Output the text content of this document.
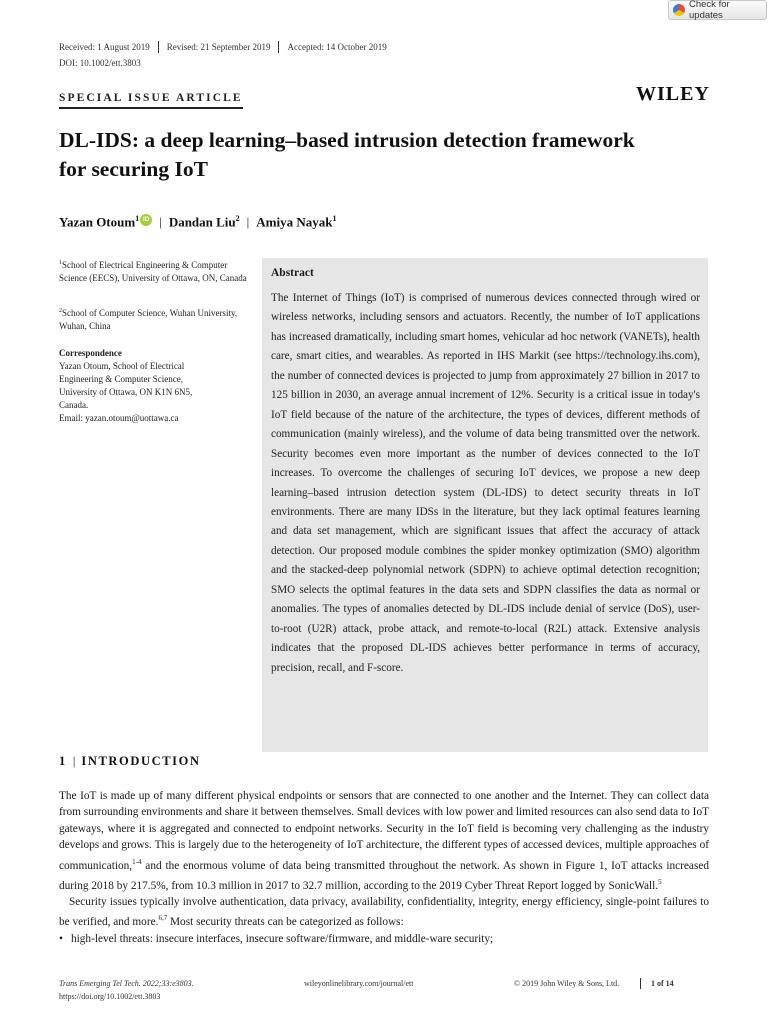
Check for updates
Received: 1 August 2019 Revised: 21 September 2019 Accepted: 14 October 2019
DOI: 10.1002/ett.3803
SPECIAL ISSUE ARTICLE	WILEY
DL-IDS: a deep learning–based intrusion detection framework for securing IoT
Yazan Otoum$^1$ iD | Dandan Liu$^2$ | Amiya Nayak$^1$
$^1$School of Electrical Engineering & Computer Science (EECS), University of Ottawa, ON, Canada
$^2$School of Computer Science, Wuhan University, Wuhan, China
Correspondence
Yazan Otoum, School of Electrical
Engineering & Computer Science,
University of Ottawa, ON K1N 6N5,
Canada.
Email: yazan.otoum@uottawa.ca
Abstract
The Internet of Things (IoT) is comprised of numerous devices connected through wired or wireless networks, including sensors and actuators. Recently, the number of IoT applications has increased dramatically, including smart homes, vehicular ad hoc network (VANETs), health care, smart cities, and wearables. As reported in IHS Markit (see https://technology.ihs.com), the number of connected devices is projected to jump from approximately 27 billion in 2017 to 125 billion in 2030, an average annual increment of 12%. Security is a critical issue in today's IoT field because of the nature of the architecture, the types of devices, different methods of communication (mainly wireless), and the volume of data being transmitted over the network. Security becomes even more important as the number of devices connected to the IoT increases. To overcome the challenges of securing IoT devices, we propose a new deep learning–based intrusion detection system (DL-IDS) to detect security threats in IoT environments. There are many IDSs in the literature, but they lack optimal features learning and data set management, which are significant issues that affect the accuracy of attack detection. Our proposed module combines the spider monkey optimization (SMO) algorithm and the stacked-deep polynomial network (SDPN) to achieve optimal detection recognition; SMO selects the optimal features in the data sets and SDPN classifies the data as normal or anomalies. The types of anomalies detected by DL-IDS include denial of service (DoS), user-to-root (U2R) attack, probe attack, and remote-to-local (R2L) attack. Extensive analysis indicates that the proposed DL-IDS achieves better performance in terms of accuracy, precision, recall, and F-score.
1 | INTRODUCTION

The IoT is made up of many different physical endpoints or sensors that are connected to one another and the Internet. They can collect data from surrounding environments and share it between themselves. Small devices with low power and limited resources can also send data to IoT gateways, where it is aggregated and connected to endpoint networks. Security in the IoT field is becoming very challenging as the industry develops and grows. This is largely due to the heterogeneity of IoT architecture, the different types of accessed devices, multiple approaches of communication,$^{1-4}$ and the enormous volume of data being transmitted throughout the network. As shown in Figure 1, IoT attacks increased during 2018 by 217.5%, from 10.3 million in 2017 to 32.7 million, according to the 2019 Cyber Threat Report logged by SonicWall.$^5$

Security issues typically involve authentication, data privacy, availability, confidentiality, integrity, energy efficiency, single-point failures to be verified, and more.$^{6,7}$ Most security threats can be categorized as follows:

• high-level threats: insecure interfaces, insecure software/firmware, and middle-ware security;
Trans Emerging Tel Tech. 2022;33:e3803.	wileyonlinelibrary.com/journal/ett	© 2019 John Wiley & Sons, Ltd.	1 of 14
https://doi.org/10.1002/ett.3803
